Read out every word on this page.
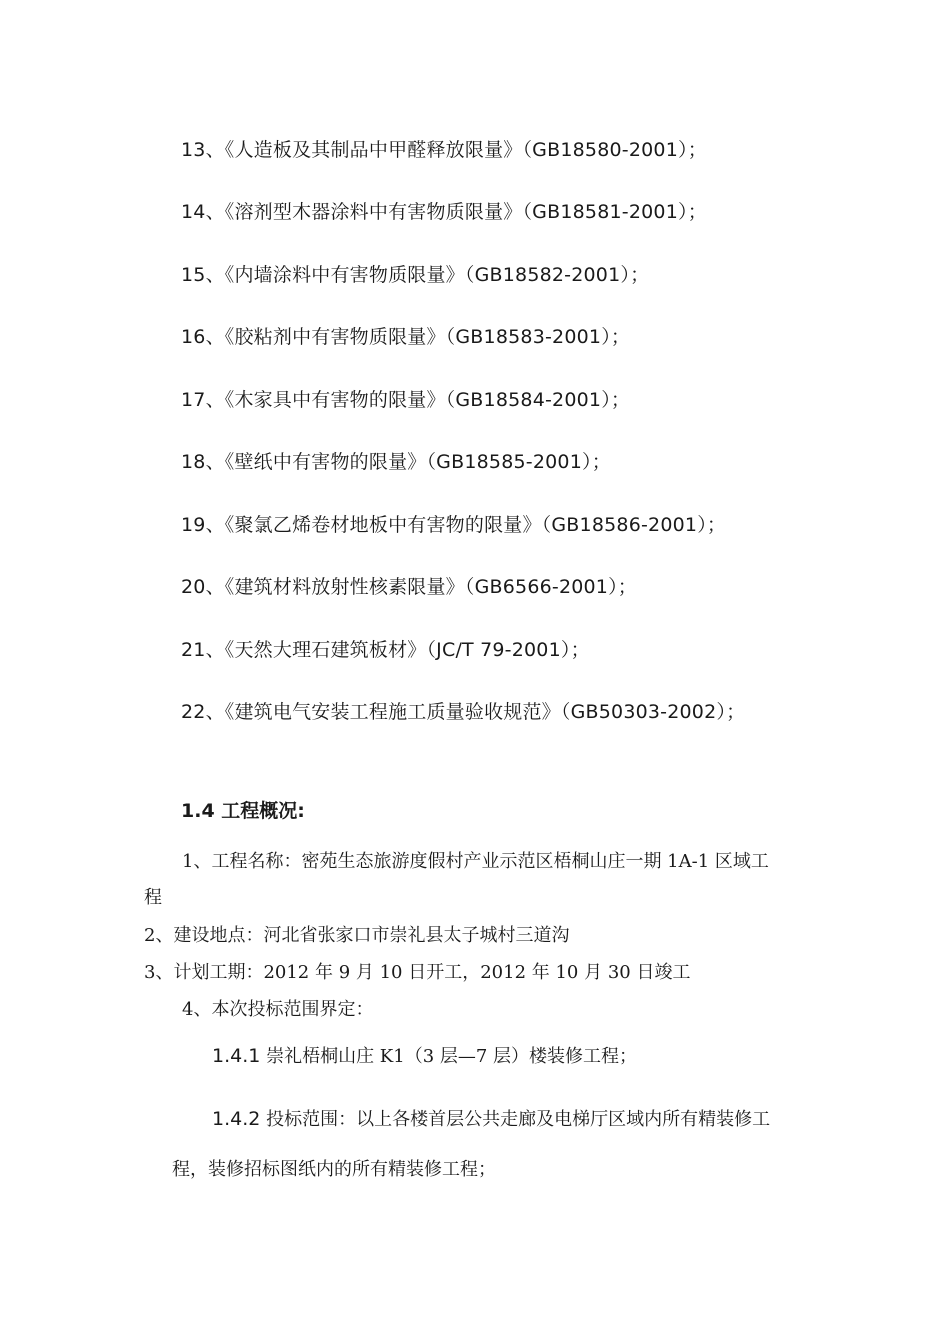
13、《人造板及其制品中甲醛释放限量》（GB18580-2001）；
14、《溶剂型木器涂料中有害物质限量》（GB18581-2001）；
15、《内墙涂料中有害物质限量》（GB18582-2001）；
16、《胶粘剂中有害物质限量》（GB18583-2001）；
17、《木家具中有害物的限量》（GB18584-2001）；
18、《壁纸中有害物的限量》（GB18585-2001）；
19、《聚氯乙烯卷材地板中有害物的限量》（GB18586-2001）；
20、《建筑材料放射性核素限量》（GB6566-2001）；
21、《天然大理石建筑板材》（JC/T 79-2001）；
22、《建筑电气安装工程施工质量验收规范》（GB50303-2002）；
1.4 工程概况:
1、工程名称：密苑生态旅游度假村产业示范区梧桐山庄一期 1A-1 区域工
程
2、建设地点：河北省张家口市崇礼县太子城村三道沟
3、计划工期：2012 年 9 月 10 日开工，2012 年 10 月 30 日竣工
4、本次投标范围界定：
1.4.1 崇礼梧桐山庄 K1（3 层—7 层）楼装修工程；
1.4.2 投标范围：以上各楼首层公共走廊及电梯厅区域内所有精装修工
程，装修招标图纸内的所有精装修工程；
